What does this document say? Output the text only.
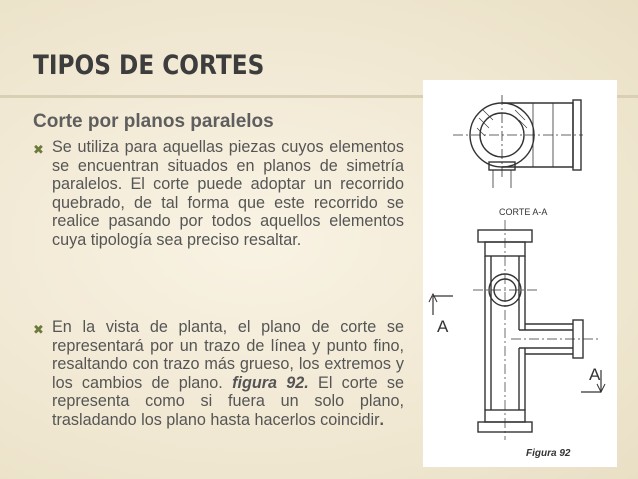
TIPOS DE CORTES
Corte por planos paralelos
✖ Se utiliza para aquellas piezas cuyos elementos se encuentran situados en planos de simetría paralelos. El corte puede adoptar un recorrido quebrado, de tal forma que este recorrido se realice pasando por todos aquellos elementos cuya tipología sea preciso resaltar.
✖ En la vista de planta, el plano de corte se representará por un trazo de línea y punto fino, resaltando con trazo más grueso, los extremos y los cambios de plano. figura 92. El corte se representa como si fuera un solo plano, trasladando los plano hasta hacerlos coincidir.
CORTE A-A
A
A
Figura 92
